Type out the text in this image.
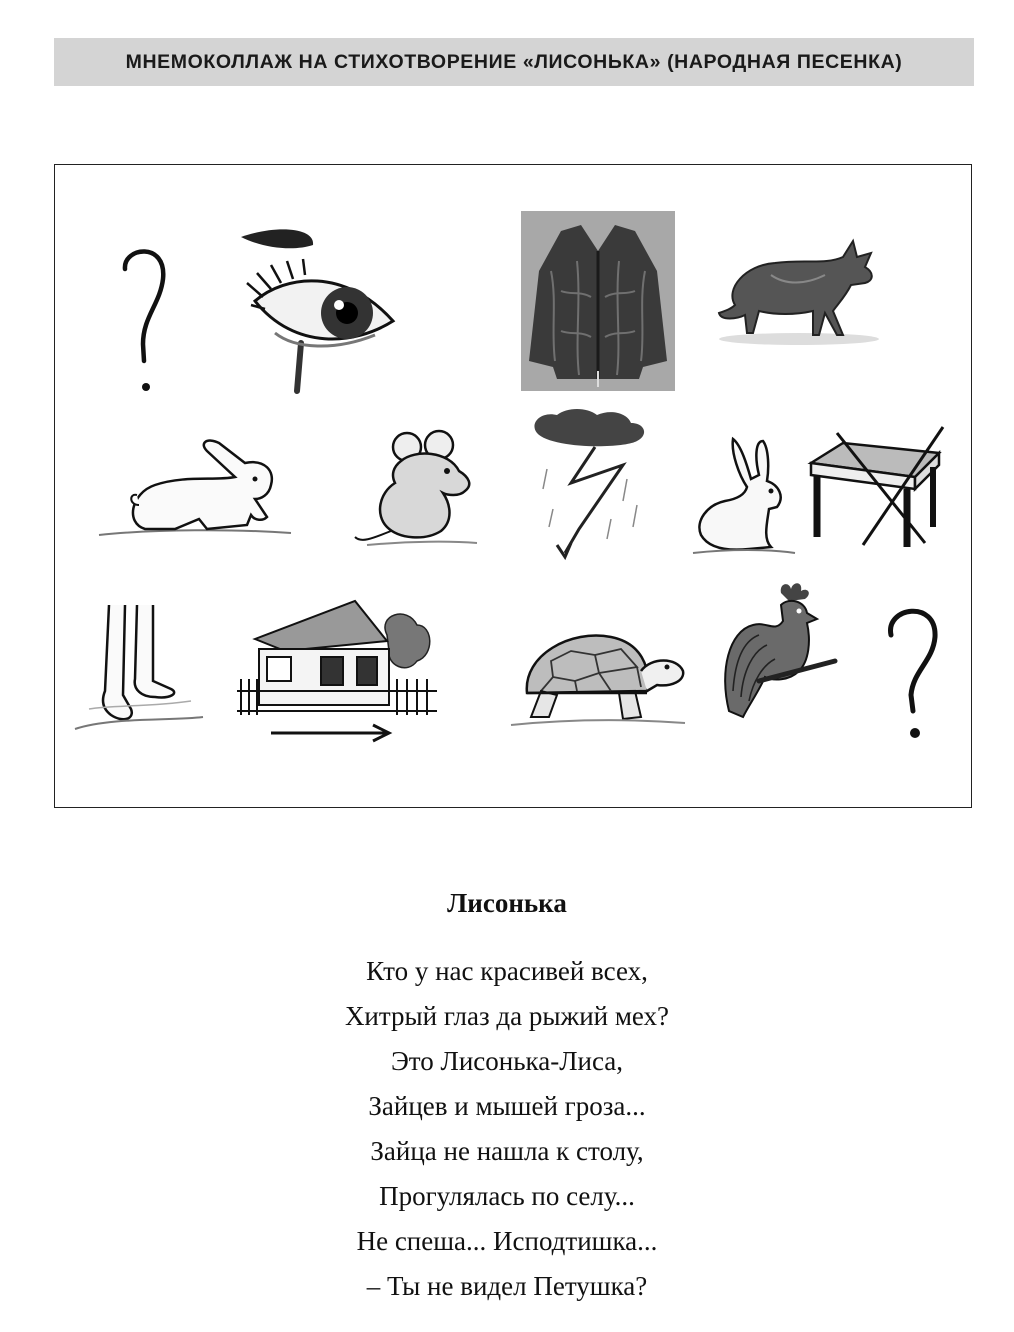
МНЕМОКОЛЛАЖ НА СТИХОТВОРЕНИЕ «ЛИСОНЬКА» (НАРОДНАЯ ПЕСЕНКА)
Лисонька
Кто у нас красивей всех,
Хитрый глаз да рыжий мех?
Это Лисонька-Лиса,
Зайцев и мышей гроза...
Зайца не нашла к столу,
Прогулялась по селу...
Не спеша... Исподтишка...
– Ты не видел Петушка?
